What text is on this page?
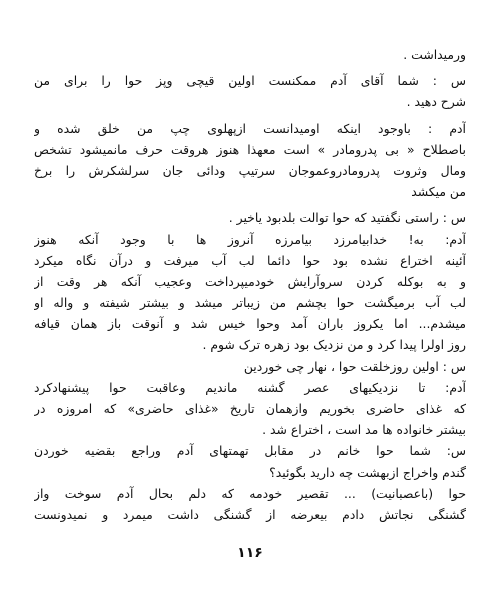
ورمیداشت .
س : شما آقای آدم ممکنست اولین قیچی وپز حوا را برای من
شرح دهید .
آدم : باوجود اینکه اومیدانست ازپهلوی چپ من خلق شده و
باصطلاح « بی پدرومادر » است معهذا هنوز هروقت حرف مانمیشود تشخص
ومال وثروت پدرومادروعموجان سرتیپ ودائی جان سرلشکرش را برخ
من میکشد
س : راستی نگفتید که حوا توالت بلدبود یاخیر .
آدم: به! خدابیامرزد بیامرزه آنروز ها با وجود آنکه هنوز
آئینه اختراع نشده بود حوا دائما لب آب میرفت و درآن نگاه میکرد
و به بوکله کردن سروآرایش خودمیپرداخت وعجیب آنکه هر وقت از
لب آب برمیگشت حوا بچشم من زیباتر میشد و بیشتر شیفته و واله او
میشدم... اما یکروز باران آمد وحوا خیس شد و آنوقت باز همان قیافه
روز اولرا پیدا کرد و من نزدیک بود زهره ترک شوم .
س : اولین روزخلقت حوا ، نهار چی خوردین
آدم: تا نزدیکیهای عصر گشنه ماندیم وعاقبت حوا پیشنهادکرد
که غذای حاضری بخوریم وازهمان تاریخ «غذای حاضری» که امروزه در
بیشتر خانواده ها مد است ، اختراع شد .
س: شما حوا خانم در مقابل تهمتهای آدم وراجع بقضیه خوردن
گندم واخراج ازبهشت چه دارید بگوئید؟
حوا (باعصبانیت) ... تقصیر خودمه که دلم بحال آدم سوخت واز
گشنگی نجاتش دادم بیعرضه از گشنگی داشت میمرد و نمیدونست
۱۱۶
